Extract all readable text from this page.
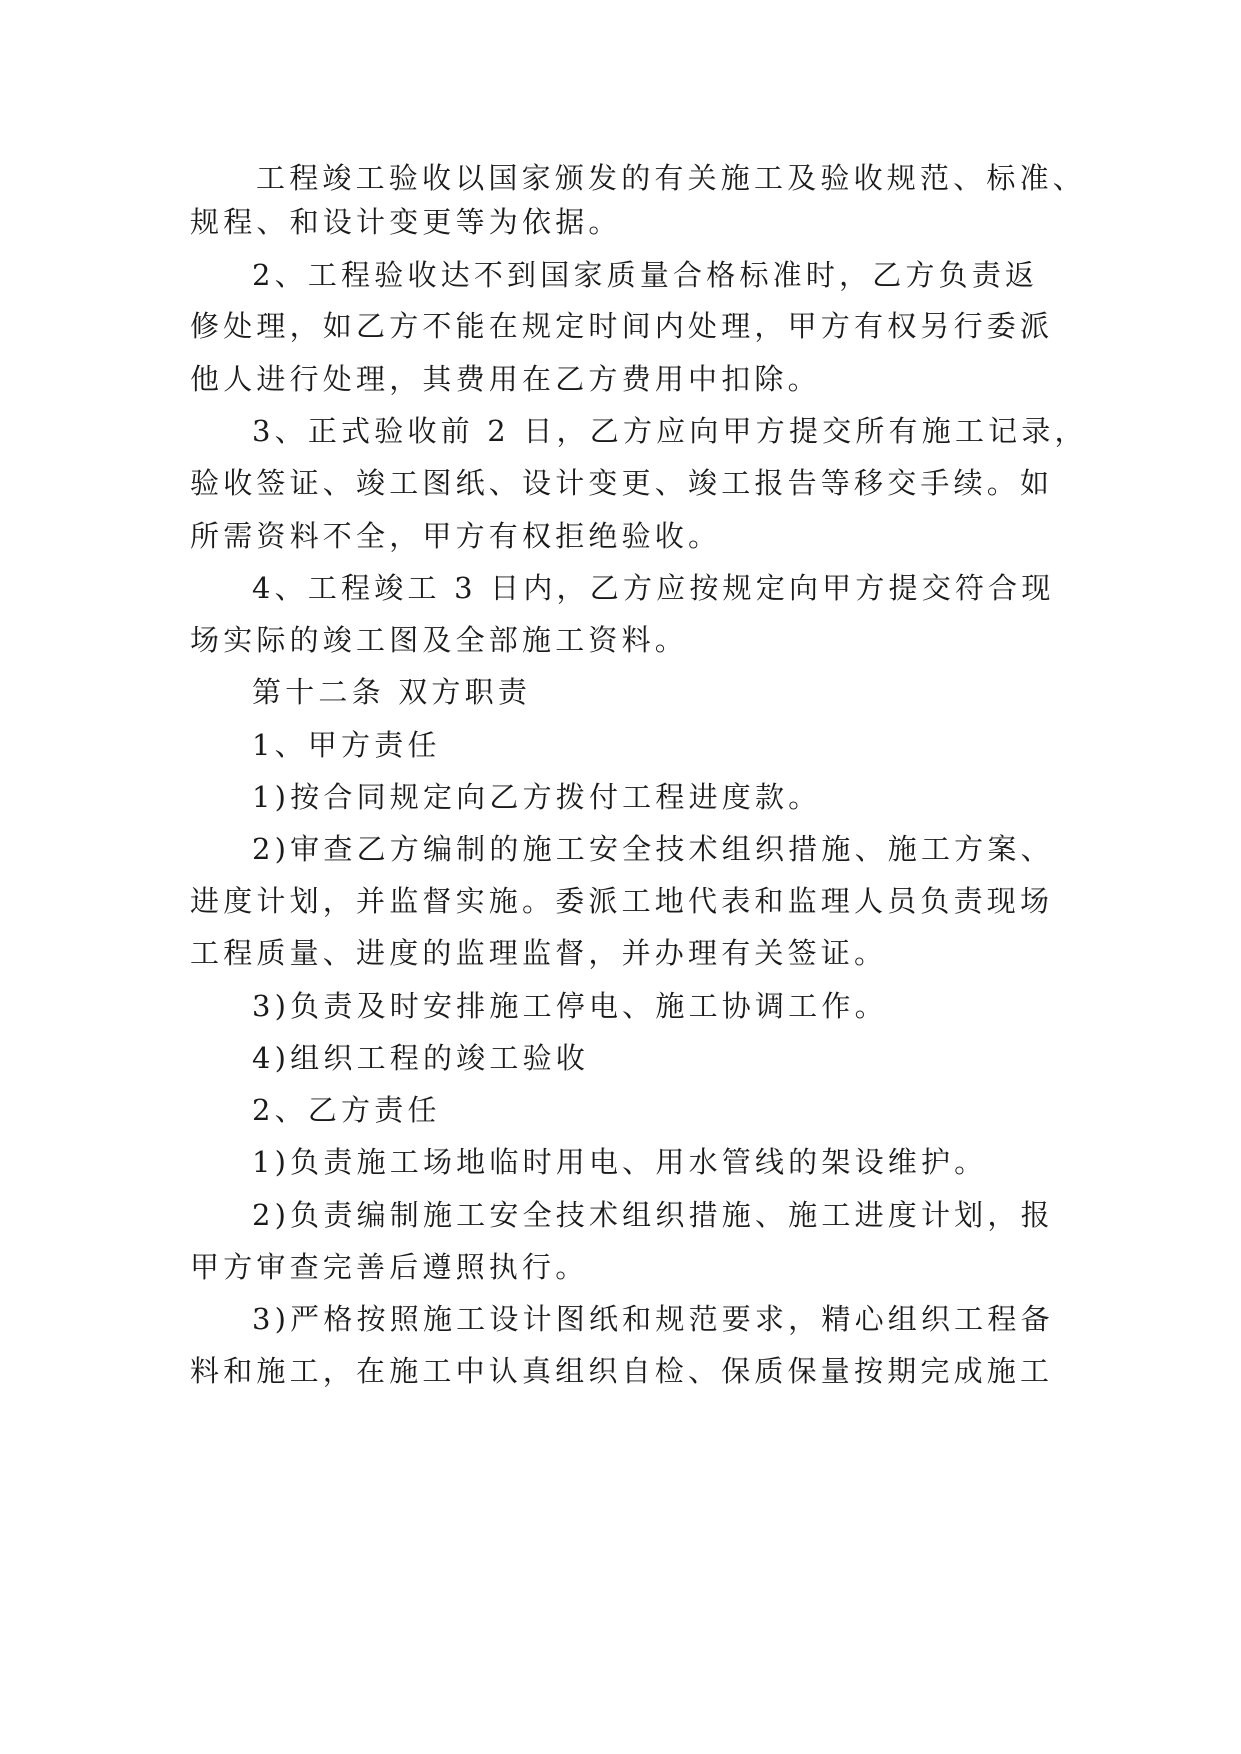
工程竣工验收以国家颁发的有关施工及验收规范、标准、
规程、和设计变更等为依据。
2、工程验收达不到国家质量合格标准时，乙方负责返
修处理，如乙方不能在规定时间内处理，甲方有权另行委派
他人进行处理，其费用在乙方费用中扣除。
3、正式验收前 2 日，乙方应向甲方提交所有施工记录，
验收签证、竣工图纸、设计变更、竣工报告等移交手续。如
所需资料不全，甲方有权拒绝验收。
4、工程竣工 3 日内，乙方应按规定向甲方提交符合现
场实际的竣工图及全部施工资料。
第十二条 双方职责
1、甲方责任
1)按合同规定向乙方拨付工程进度款。
2)审查乙方编制的施工安全技术组织措施、施工方案、
进度计划，并监督实施。委派工地代表和监理人员负责现场
工程质量、进度的监理监督，并办理有关签证。
3)负责及时安排施工停电、施工协调工作。
4)组织工程的竣工验收
2、乙方责任
1)负责施工场地临时用电、用水管线的架设维护。
2)负责编制施工安全技术组织措施、施工进度计划，报
甲方审查完善后遵照执行。
3)严格按照施工设计图纸和规范要求，精心组织工程备
料和施工，在施工中认真组织自检、保质保量按期完成施工
